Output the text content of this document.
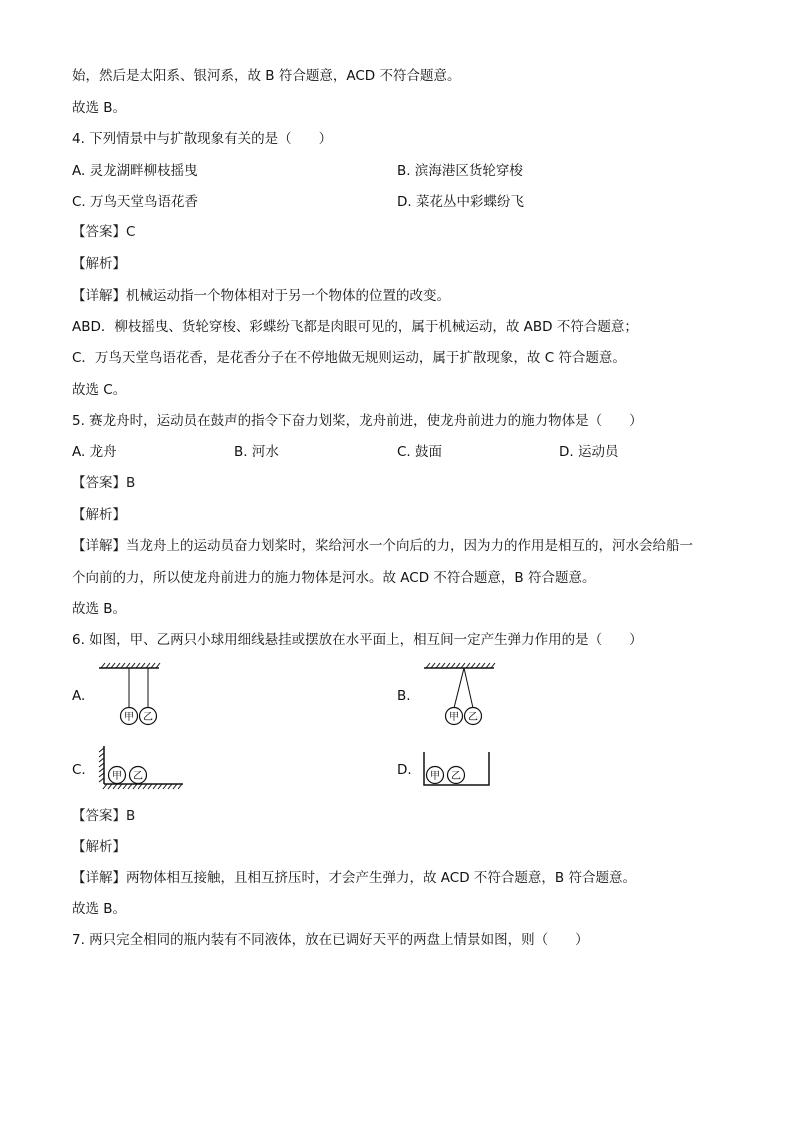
始，然后是太阳系、银河系，故 B 符合题意，ACD 不符合题意。
故选 B。
4. 下列情景中与扩散现象有关的是（　　）
A. 灵龙湖畔柳枝摇曳	B. 滨海港区货轮穿梭
C. 万鸟天堂鸟语花香	D. 菜花丛中彩蝶纷飞
【答案】C
【解析】
【详解】机械运动指一个物体相对于另一个物体的位置的改变。
ABD．柳枝摇曳、货轮穿梭、彩蝶纷飞都是肉眼可见的，属于机械运动，故 ABD 不符合题意；
C．万鸟天堂鸟语花香，是花香分子在不停地做无规则运动，属于扩散现象，故 C 符合题意。
故选 C。
5. 赛龙舟时，运动员在鼓声的指令下奋力划桨，龙舟前进，使龙舟前进力的施力物体是（　　）
A. 龙舟	B. 河水	C. 鼓面	D. 运动员
【答案】B
【解析】
【详解】当龙舟上的运动员奋力划桨时，桨给河水一个向后的力，因为力的作用是相互的，河水会给船一
个向前的力，所以使龙舟前进力的施力物体是河水。故 ACD 不符合题意，B 符合题意。
故选 B。
6. 如图，甲、乙两只小球用细线悬挂或摆放在水平面上，相互间一定产生弹力作用的是（　　）
A.
甲 乙
B.
甲 乙
C.	甲 乙	D. 甲 乙
【答案】B
【解析】
【详解】两物体相互接触，且相互挤压时，才会产生弹力，故 ACD 不符合题意，B 符合题意。
故选 B。
7. 两只完全相同的瓶内装有不同液体，放在已调好天平的两盘上情景如图，则（　　）
